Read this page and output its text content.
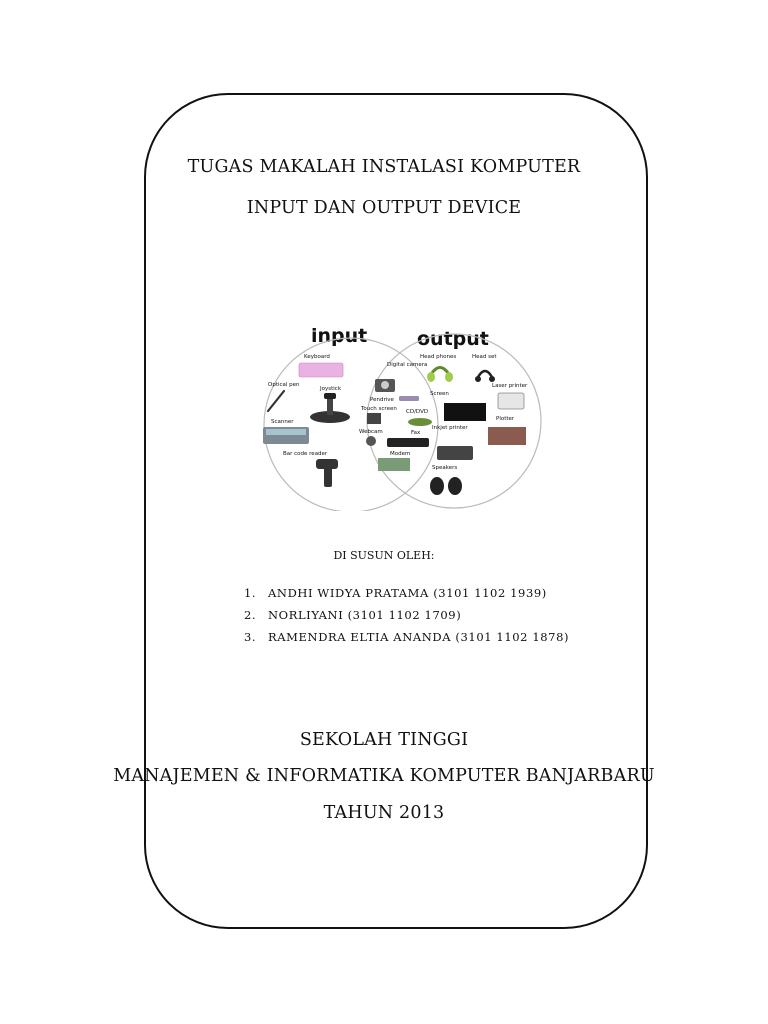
TUGAS MAKALAH INSTALASI KOMPUTER
INPUT DAN OUTPUT DEVICE
input	output
Keyboard
Optical pen
Joystick
Scanner
Bar code reader
Digital camera
Pendrive
Touch screen CD/DVD
Webcam	Fax
Modem
Head phones	Head set
Laser printer
Screen
Plotter
Inkjet printer
Speakers
DI SUSUN OLEH:
1. ANDHI WIDYA PRATAMA (3101 1102 1939)
2. NORLIYANI (3101 1102 1709)
3. RAMENDRA ELTIA ANANDA (3101 1102 1878)
SEKOLAH TINGGI
MANAJEMEN & INFORMATIKA KOMPUTER BANJARBARU
TAHUN 2013
